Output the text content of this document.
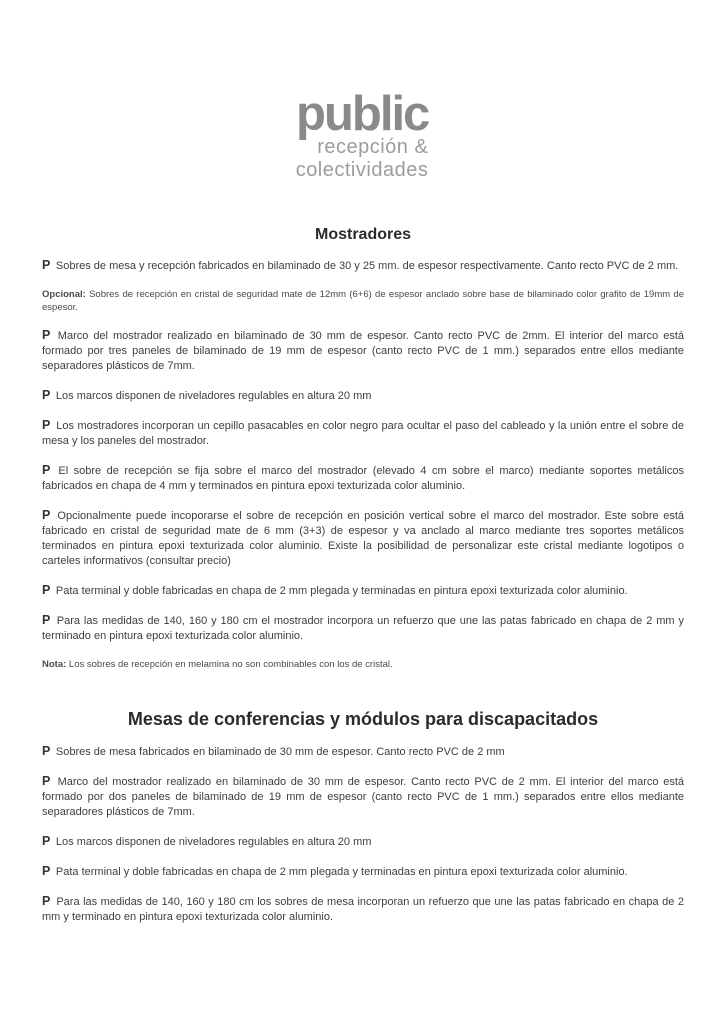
public
recepción &
colectividades
Mostradores
P Sobres de mesa y recepción fabricados en bilaminado de 30 y 25 mm. de espesor respectivamente. Canto recto PVC de 2 mm.
Opcional: Sobres de recepción en cristal de seguridad mate de 12mm (6+6) de espesor anclado sobre base de bilaminado color grafito de 19mm de espesor.
P Marco del mostrador realizado en bilaminado de 30 mm de espesor. Canto recto PVC de 2mm. El interior del marco está formado por tres paneles de bilaminado de 19 mm de espesor (canto recto PVC de 1 mm.) separados entre ellos mediante separadores plásticos de 7mm.
P Los marcos disponen de niveladores regulables en altura 20 mm
P Los mostradores incorporan un cepillo pasacables en color negro para ocultar el paso del cableado y la unión entre el sobre de mesa y los paneles del mostrador.
P El sobre de recepción se fija sobre el marco del mostrador (elevado 4 cm sobre el marco) mediante soportes metálicos fabricados en chapa de 4 mm y terminados en pintura epoxi texturizada color aluminio.
P Opcionalmente puede incoporarse el sobre de recepción en posición vertical sobre el marco del mostrador. Este sobre está fabricado en cristal de seguridad mate de 6 mm (3+3) de espesor y va anclado al marco mediante tres soportes metálicos terminados en pintura epoxi texturizada color aluminio. Existe la posibilidad de personalizar este cristal mediante logotipos o carteles informativos (consultar precio)
P Pata terminal y doble fabricadas en chapa de 2 mm plegada y terminadas en pintura epoxi texturizada color aluminio.
P Para las medidas de 140, 160 y 180 cm el mostrador incorpora un refuerzo que une las patas fabricado en chapa de 2 mm y terminado en pintura epoxi texturizada color aluminio.
Nota: Los sobres de recepción en melamina no son combinables con los de cristal.
Mesas de conferencias y módulos para discapacitados
P Sobres de mesa fabricados en bilaminado de 30 mm de espesor. Canto recto PVC de 2 mm
P Marco del mostrador realizado en bilaminado de 30 mm de espesor. Canto recto PVC de 2 mm. El interior del marco está formado por dos paneles de bilaminado de 19 mm de espesor (canto recto PVC de 1 mm.) separados entre ellos mediante separadores plásticos de 7mm.
P Los marcos disponen de niveladores regulables en altura 20 mm
P Pata terminal y doble fabricadas en chapa de 2 mm plegada y terminadas en pintura epoxi texturizada color aluminio.
P Para las medidas de 140, 160 y 180 cm los sobres de mesa incorporan un refuerzo que une las patas fabricado en chapa de 2 mm y terminado en pintura epoxi texturizada color aluminio.
